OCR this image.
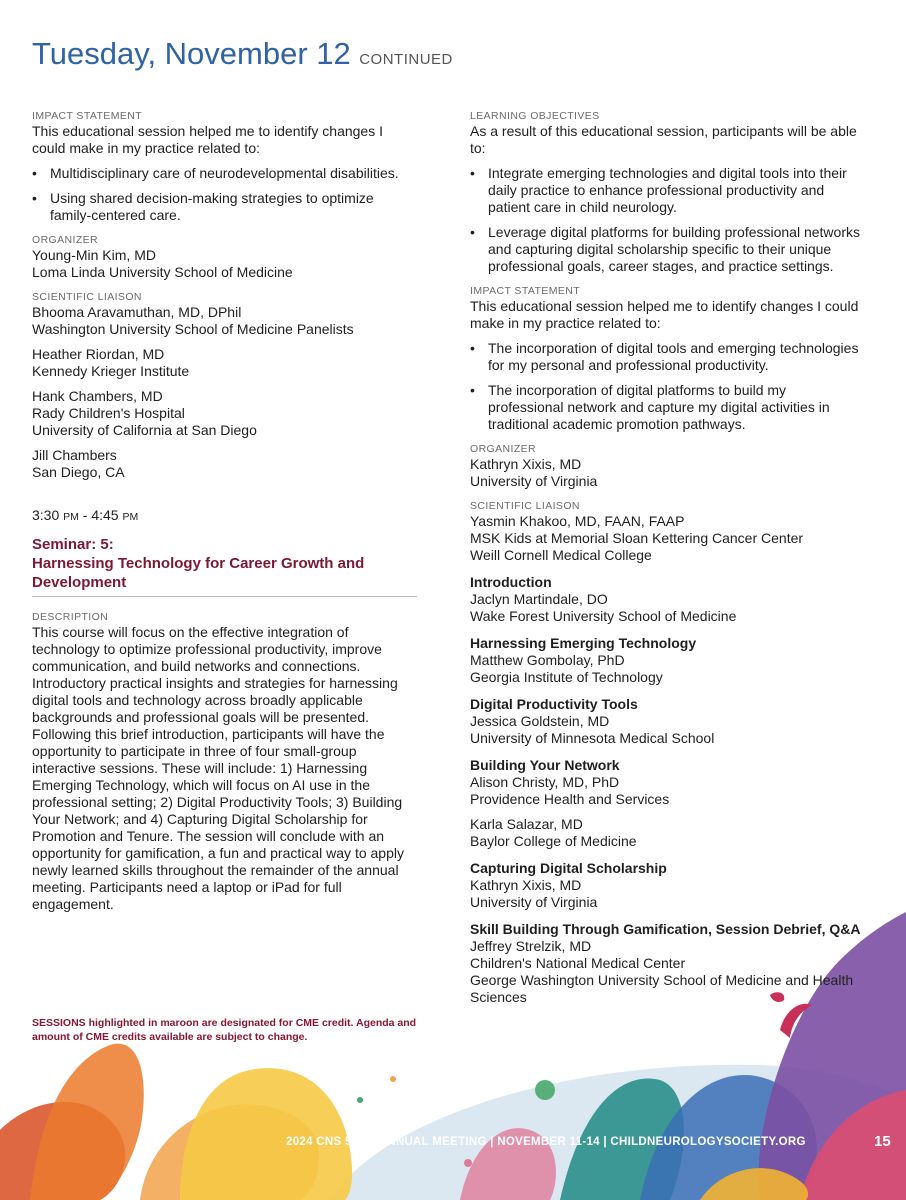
Tuesday, November 12 CONTINUED
IMPACT STATEMENT
This educational session helped me to identify changes I could make in my practice related to:
• Multidisciplinary care of neurodevelopmental disabilities.
• Using shared decision-making strategies to optimize family-centered care.
ORGANIZER
Young-Min Kim, MD
Loma Linda University School of Medicine
SCIENTIFIC LIAISON
Bhooma Aravamuthan, MD, DPhil
Washington University School of Medicine Panelists
Heather Riordan, MD
Kennedy Krieger Institute
Hank Chambers, MD
Rady Children's Hospital
University of California at San Diego
Jill Chambers
San Diego, CA
3:30 PM - 4:45 PM
Seminar: 5:
Harnessing Technology for Career Growth and Development
DESCRIPTION
This course will focus on the effective integration of technology to optimize professional productivity, improve communication, and build networks and connections. Introductory practical insights and strategies for harnessing digital tools and technology across broadly applicable backgrounds and professional goals will be presented. Following this brief introduction, participants will have the opportunity to participate in three of four small-group interactive sessions. These will include: 1) Harnessing Emerging Technology, which will focus on AI use in the professional setting; 2) Digital Productivity Tools; 3) Building Your Network; and 4) Capturing Digital Scholarship for Promotion and Tenure. The session will conclude with an opportunity for gamification, a fun and practical way to apply newly learned skills throughout the remainder of the annual meeting. Participants need a laptop or iPad for full engagement.
SESSIONS highlighted in maroon are designated for CME credit. Agenda and amount of CME credits available are subject to change.
LEARNING OBJECTIVES
As a result of this educational session, participants will be able to:
• Integrate emerging technologies and digital tools into their daily practice to enhance professional productivity and patient care in child neurology.
• Leverage digital platforms for building professional networks and capturing digital scholarship specific to their unique professional goals, career stages, and practice settings.
IMPACT STATEMENT
This educational session helped me to identify changes I could make in my practice related to:
• The incorporation of digital tools and emerging technologies for my personal and professional productivity.
• The incorporation of digital platforms to build my professional network and capture my digital activities in traditional academic promotion pathways.
ORGANIZER
Kathryn Xixis, MD
University of Virginia
SCIENTIFIC LIAISON
Yasmin Khakoo, MD, FAAN, FAAP
MSK Kids at Memorial Sloan Kettering Cancer Center
Weill Cornell Medical College
Introduction
Jaclyn Martindale, DO
Wake Forest University School of Medicine
Harnessing Emerging Technology
Matthew Gombolay, PhD
Georgia Institute of Technology
Digital Productivity Tools
Jessica Goldstein, MD
University of Minnesota Medical School
Building Your Network
Alison Christy, MD, PhD
Providence Health and Services
Karla Salazar, MD
Baylor College of Medicine
Capturing Digital Scholarship
Kathryn Xixis, MD
University of Virginia
Skill Building Through Gamification, Session Debrief, Q&A
Jeffrey Strelzik, MD
Children's National Medical Center
George Washington University School of Medicine and Health Sciences
2024 CNS 53RD ANNUAL MEETING | NOVEMBER 11-14 | CHILDNEUROLOGYSOCIETY.ORG	15
